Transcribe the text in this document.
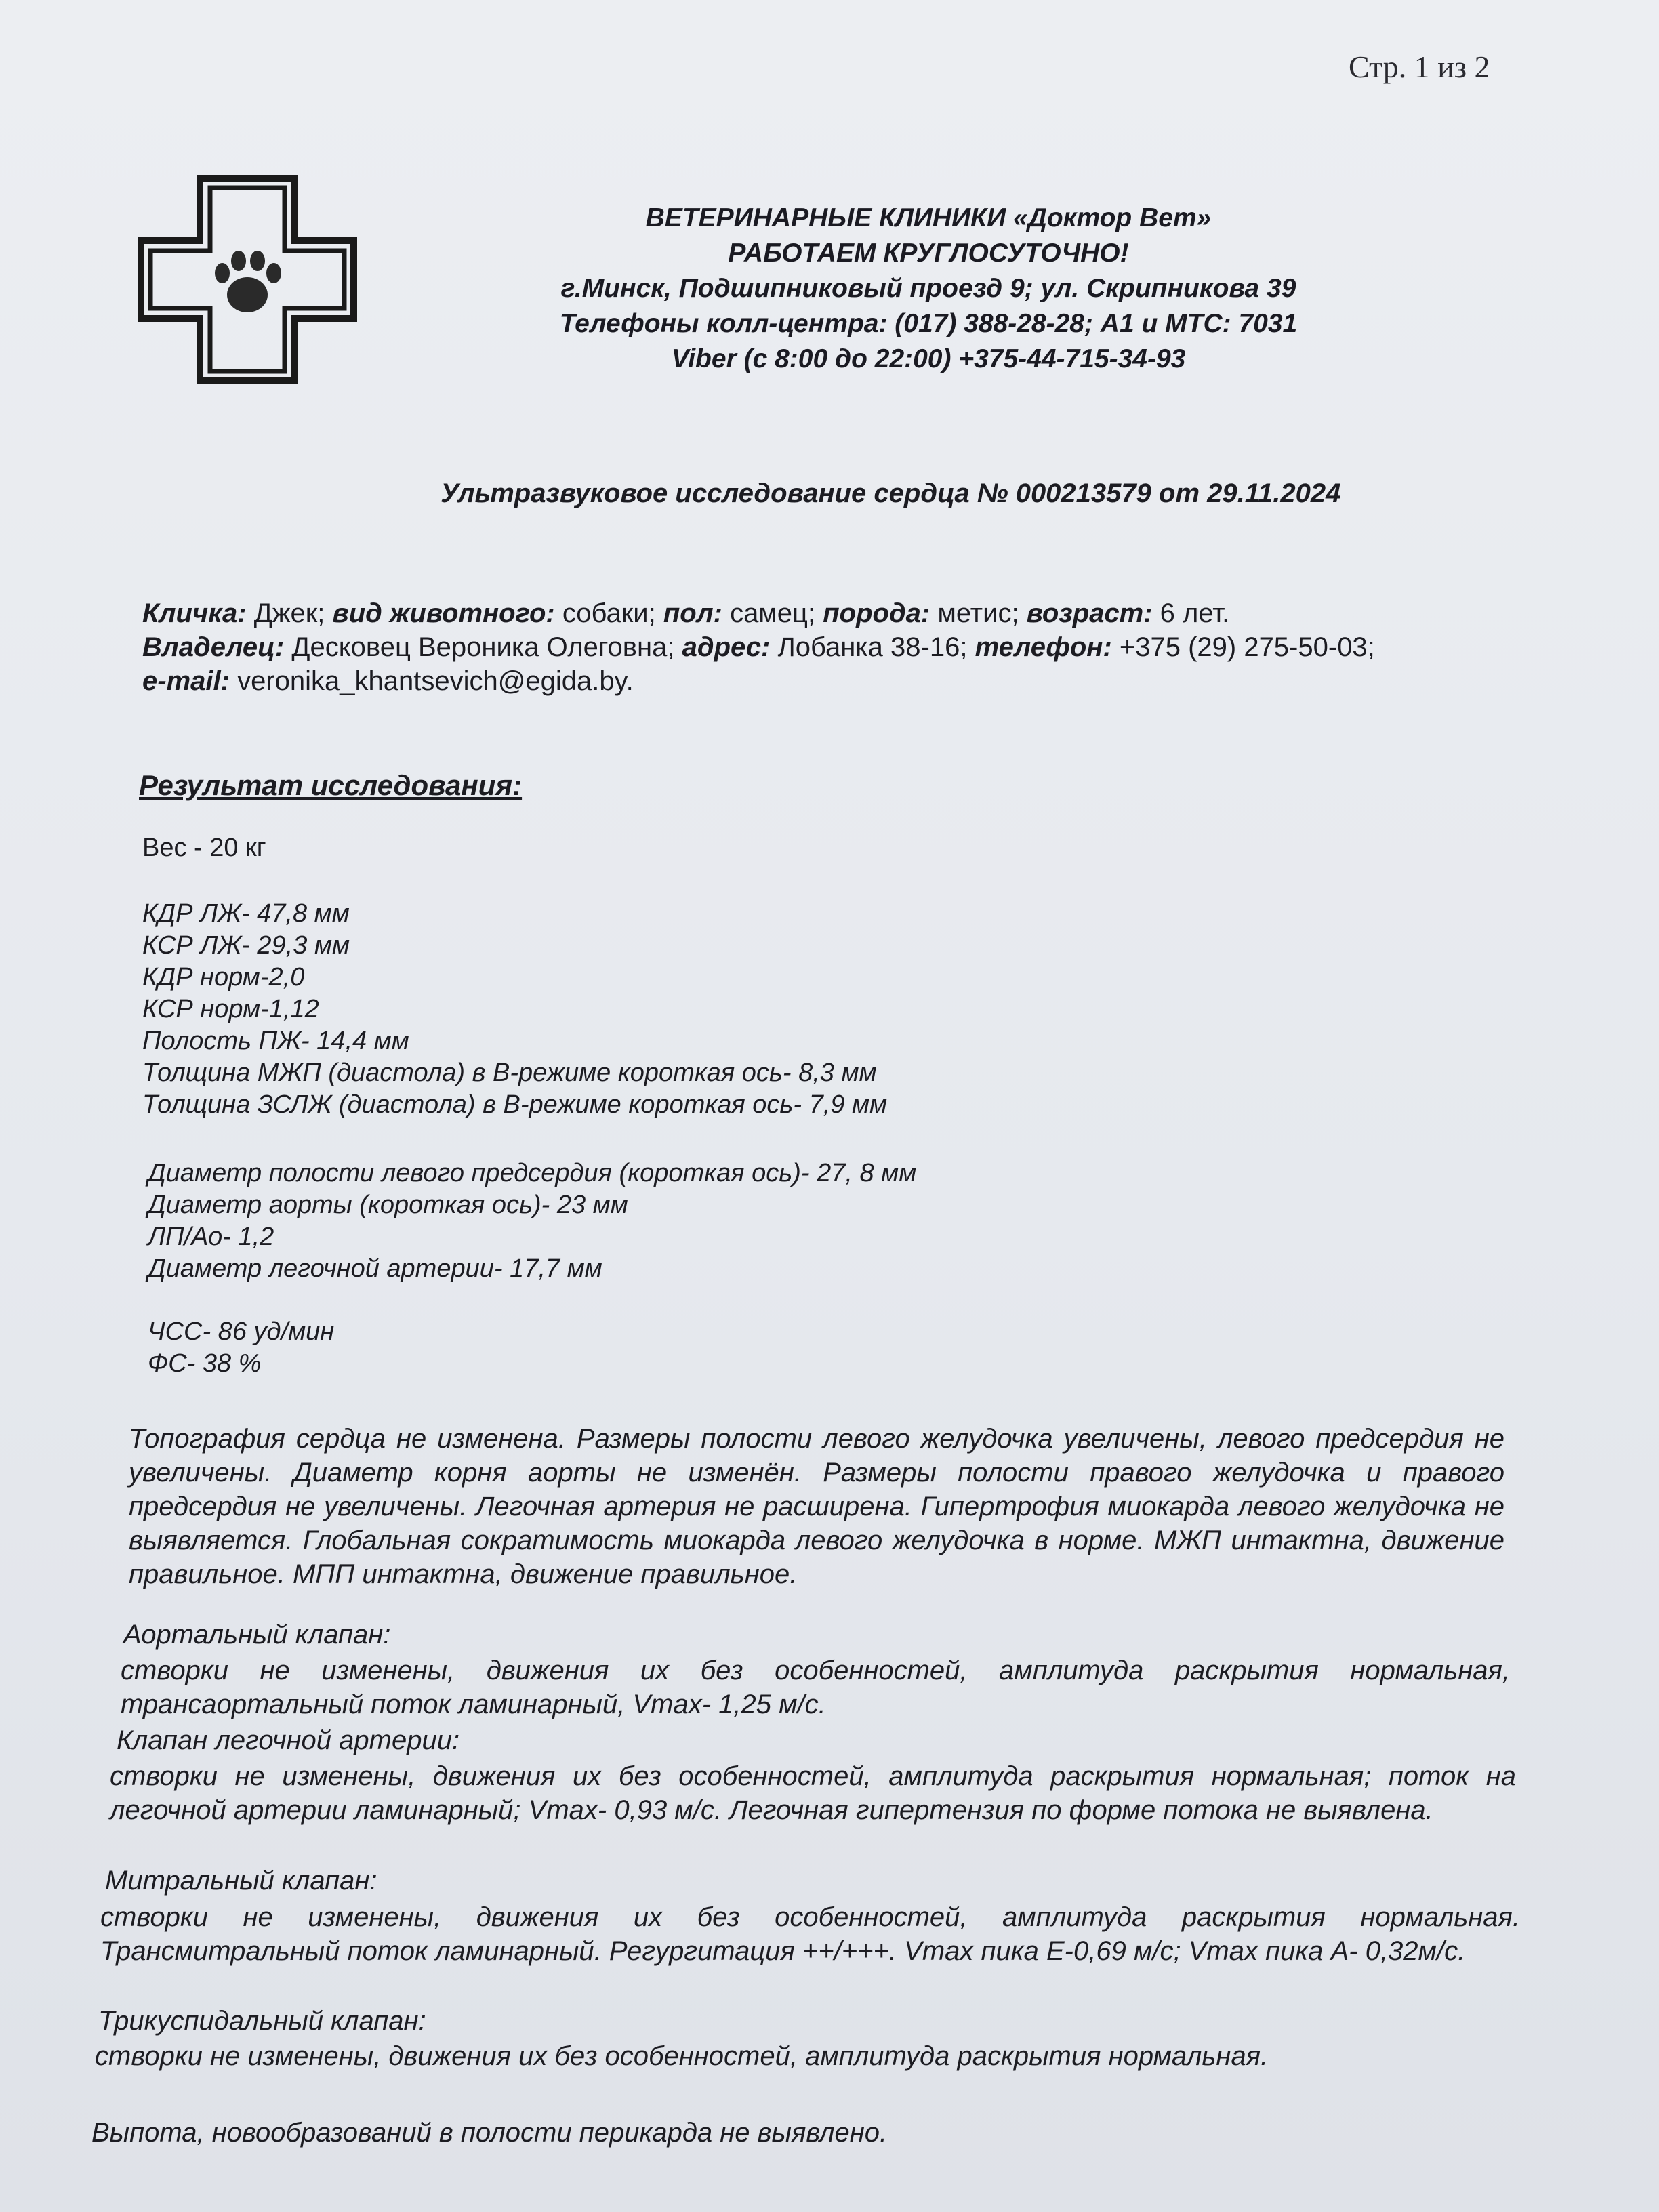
Стр. 1 из 2
ВЕТЕРИНАРНЫЕ КЛИНИКИ «Доктор Вет»
РАБОТАЕМ КРУГЛОСУТОЧНО!
г.Минск, Подшипниковый проезд 9; ул. Скрипникова 39
Телефоны колл-центра: (017) 388-28-28; А1 и МТС: 7031
Viber (с 8:00 до 22:00) +375-44-715-34-93
Ультразвуковое исследование сердца № 000213579 от 29.11.2024
Кличка: Джек; вид животного: собаки; пол: самец; порода: метис; возраст: 6 лет.
Владелец: Десковец Вероника Олеговна; адрес: Лобанка 38-16; телефон: +375 (29) 275-50-03;
e-mail: veronika_khantsevich@egida.by.
Результат исследования:
Вес - 20 кг
КДР ЛЖ- 47,8 мм
КСР ЛЖ- 29,3 мм
КДР норм-2,0
КСР норм-1,12
Полость ПЖ- 14,4 мм
Толщина МЖП (диастола) в В-режиме короткая ось- 8,3 мм
Толщина ЗСЛЖ (диастола) в В-режиме короткая ось- 7,9 мм
Диаметр полости левого предсердия (короткая ось)- 27, 8 мм
Диаметр аорты (короткая ось)- 23 мм
ЛП/Ао- 1,2
Диаметр легочной артерии- 17,7 мм
ЧСС- 86 уд/мин
ФС- 38 %
Топография сердца не изменена. Размеры полости левого желудочка увеличены, левого предсердия не увеличены. Диаметр корня аорты не изменён. Размеры полости правого желудочка и правого предсердия не увеличены. Легочная артерия не расширена. Гипертрофия миокарда левого желудочка не выявляется. Глобальная сократимость миокарда левого желудочка в норме. МЖП интактна, движение правильное. МПП интактна, движение правильное.
Аортальный клапан:
створки не изменены, движения их без особенностей, амплитуда раскрытия нормальная, трансаортальный поток ламинарный, Vmax- 1,25 м/с.
Клапан легочной артерии:
створки не изменены, движения их без особенностей, амплитуда раскрытия нормальная; поток на легочной артерии ламинарный; Vmax- 0,93 м/с. Легочная гипертензия по форме потока не выявлена.
Митральный клапан:
створки не изменены, движения их без особенностей, амплитуда раскрытия нормальная. Трансмитральный поток ламинарный. Регургитация ++/+++. Vmax пика Е-0,69 м/с; Vmax пика А- 0,32м/с.
Трикуспидальный клапан:
створки не изменены, движения их без особенностей, амплитуда раскрытия нормальная.
Выпота, новообразований в полости перикарда не выявлено.
